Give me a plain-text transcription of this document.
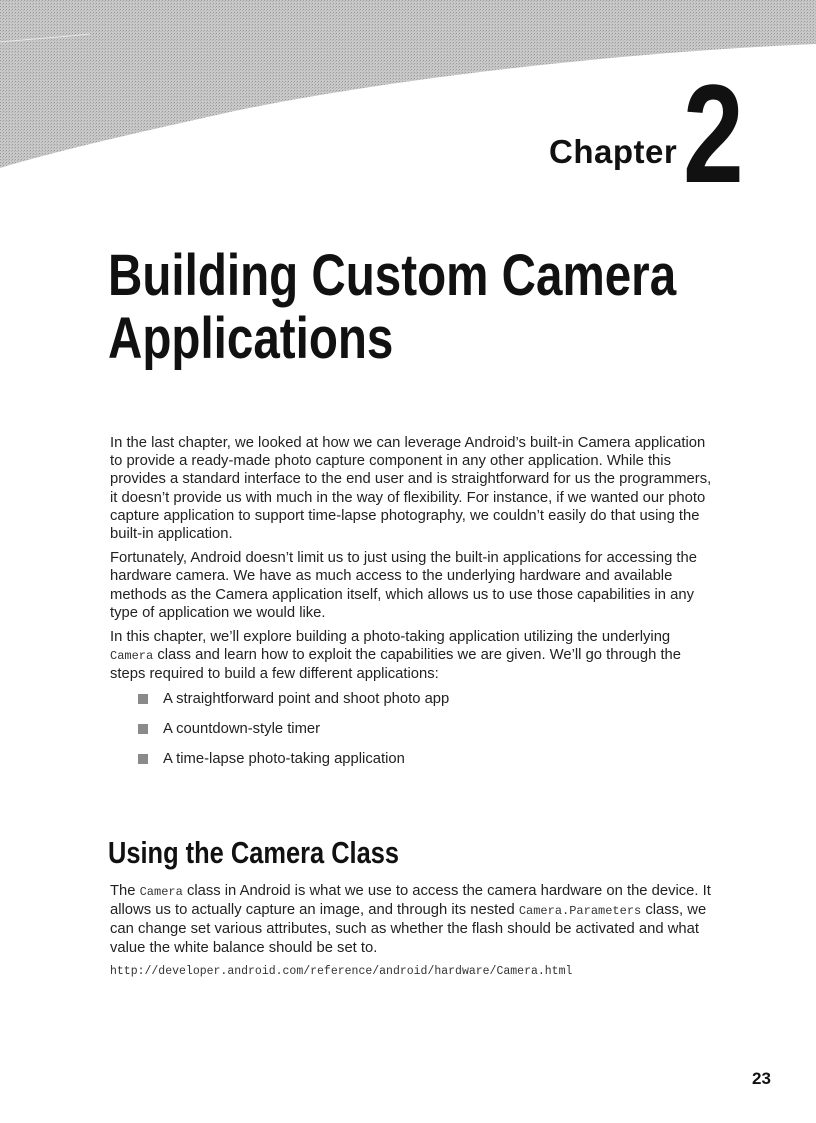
Chapter 2
Building Custom Camera
Applications

In the last chapter, we looked at how we can leverage Android’s built-in Camera application to provide a ready-made photo capture component in any other application. While this provides a standard interface to the end user and is straightforward for us the programmers, it doesn’t provide us with much in the way of flexibility. For instance, if we wanted our photo capture application to support time-lapse photography, we couldn’t easily do that using the built-in application.

Fortunately, Android doesn’t limit us to just using the built-in applications for accessing the hardware camera. We have as much access to the underlying hardware and available methods as the Camera application itself, which allows us to use those capabilities in any type of application we would like.

In this chapter, we’ll explore building a photo-taking application utilizing the underlying Camera class and learn how to exploit the capabilities we are given. We’ll go through the steps required to build a few different applications:

A straightforward point and shoot photo app
A countdown-style timer
A time-lapse photo-taking application
Using the Camera Class

The Camera class in Android is what we use to access the camera hardware on the device. It allows us to actually capture an image, and through its nested Camera.Parameters class, we can change set various attributes, such as whether the flash should be activated and what value the white balance should be set to.

http://developer.android.com/reference/android/hardware/Camera.html

23
